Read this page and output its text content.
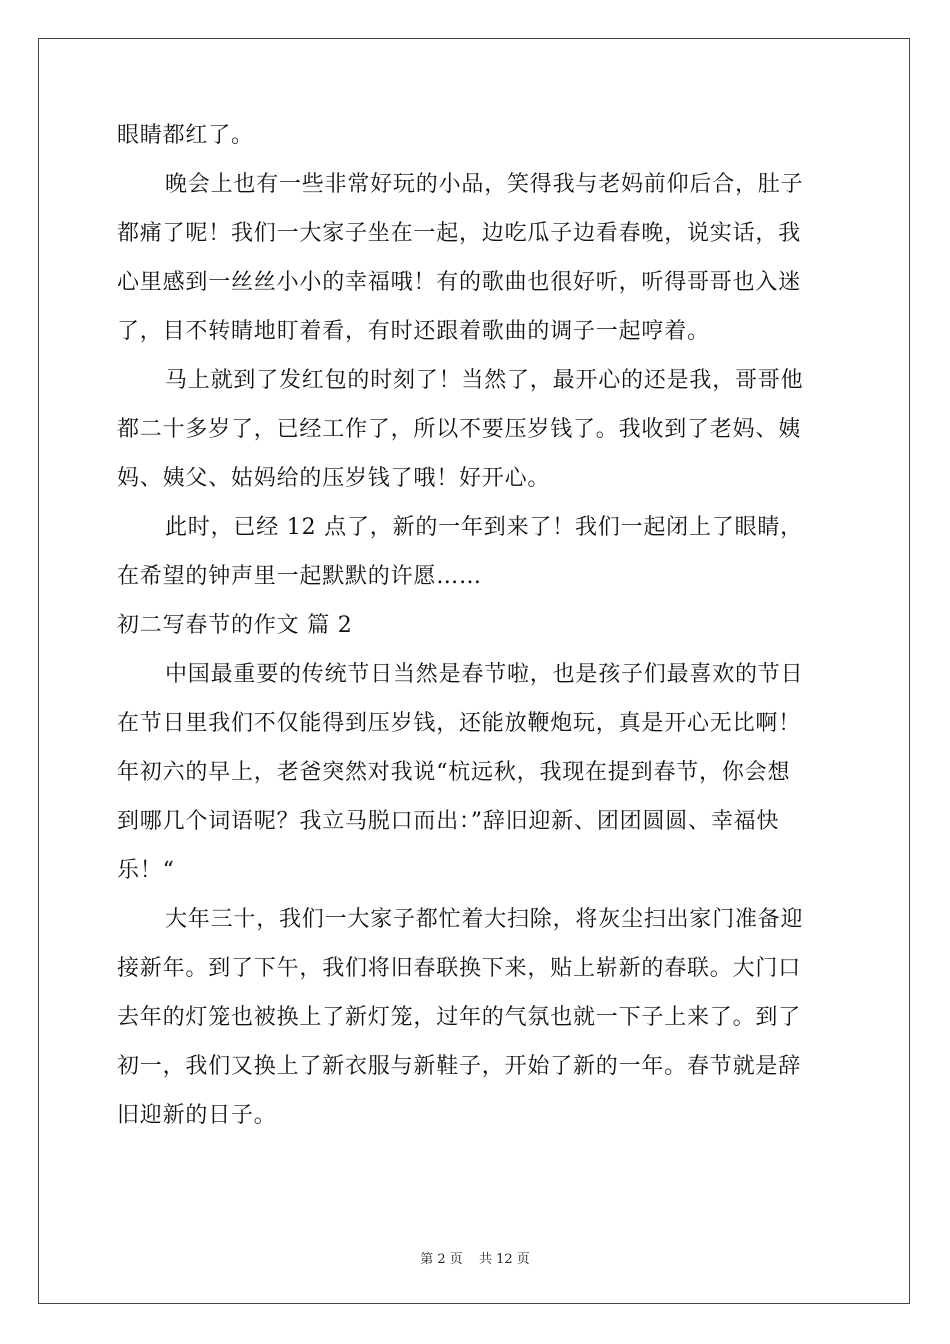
眼睛都红了。
晚会上也有一些非常好玩的小品，笑得我与老妈前仰后合，肚子
都痛了呢！我们一大家子坐在一起，边吃瓜子边看春晚，说实话，我
心里感到一丝丝小小的幸福哦！有的歌曲也很好听，听得哥哥也入迷
了，目不转睛地盯着看，有时还跟着歌曲的调子一起哼着。
马上就到了发红包的时刻了！当然了，最开心的还是我，哥哥他
都二十多岁了，已经工作了，所以不要压岁钱了。我收到了老妈、姨
妈、姨父、姑妈给的压岁钱了哦！好开心。
此时，已经 12 点了，新的一年到来了！我们一起闭上了眼睛，
在希望的钟声里一起默默的许愿……
初二写春节的作文 篇 2
中国最重要的传统节日当然是春节啦，也是孩子们最喜欢的节日
在节日里我们不仅能得到压岁钱，还能放鞭炮玩，真是开心无比啊！
年初六的早上，老爸突然对我说“杭远秋，我现在提到春节，你会想
到哪几个词语呢？我立马脱口而出：”辞旧迎新、团团圆圆、幸福快
乐！“
大年三十，我们一大家子都忙着大扫除，将灰尘扫出家门准备迎
接新年。到了下午，我们将旧春联换下来，贴上崭新的春联。大门口
去年的灯笼也被换上了新灯笼，过年的气氛也就一下子上来了。到了
初一，我们又换上了新衣服与新鞋子，开始了新的一年。春节就是辞
旧迎新的日子。
第 2 页 共 12 页
